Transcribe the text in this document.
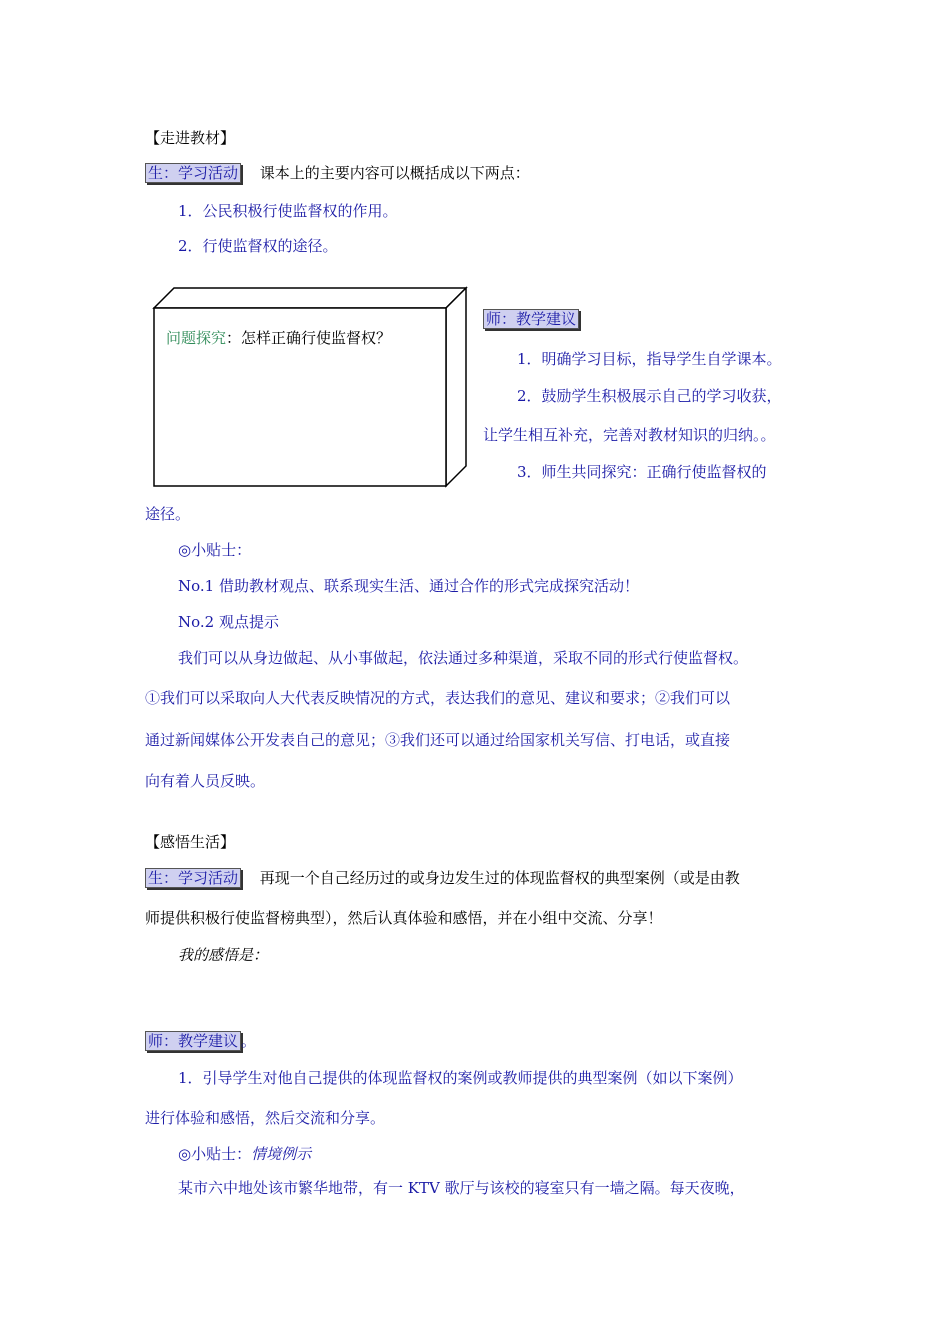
【走进教材】
生：学习活动 课本上的主要内容可以概括成以下两点：
1．公民积极行使监督权的作用。
2．行使监督权的途径。
问题探究：怎样正确行使监督权？
师：教学建议
1．明确学习目标，指导学生自学课本。
2．鼓励学生积极展示自己的学习收获，
让学生相互补充，完善对教材知识的归纳。。
3．师生共同探究：正确行使监督权的
途径。
◎小贴士：
No.1 借助教材观点、联系现实生活、通过合作的形式完成探究活动！
No.2 观点提示
我们可以从身边做起、从小事做起，依法通过多种渠道，采取不同的形式行使监督权。
①我们可以采取向人大代表反映情况的方式，表达我们的意见、建议和要求；②我们可以
通过新闻媒体公开发表自己的意见；③我们还可以通过给国家机关写信、打电话，或直接
向有着人员反映。
【感悟生活】
生：学习活动 再现一个自己经历过的或身边发生过的体现监督权的典型案例（或是由教
师提供积极行使监督榜典型），然后认真体验和感悟，并在小组中交流、分享！
我的感悟是：
师：教学建议 。
1．引导学生对他自己提供的体现监督权的案例或教师提供的典型案例（如以下案例）
进行体验和感悟，然后交流和分享。
◎小贴士：情境例示
某市六中地处该市繁华地带，有一 KTV 歌厅与该校的寝室只有一墙之隔。每天夜晚，
